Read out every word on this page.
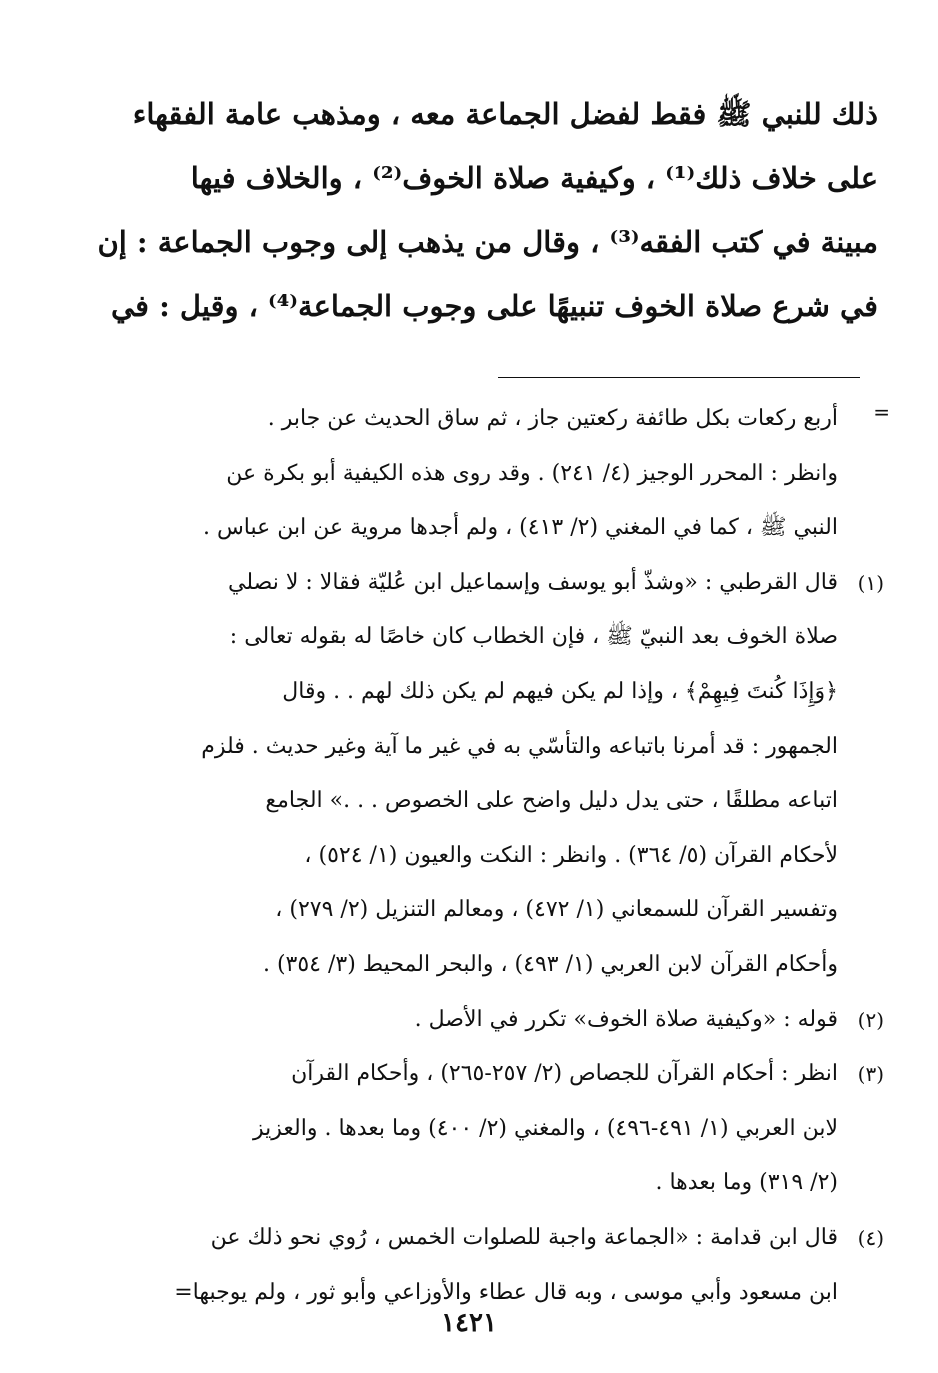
ذلك للنبي ﷺ فقط لفضل الجماعة معه ، ومذهب عامة الفقهاء
على خلاف ذلك⁽¹⁾ ، وكيفية صلاة الخوف⁽²⁾ ، والخلاف فيها
مبينة في كتب الفقه⁽³⁾ ، وقال من يذهب إلى وجوب الجماعة : إن
في شرع صلاة الخوف تنبيهًا على وجوب الجماعة⁽⁴⁾ ، وقيل : في
=
أربع ركعات بكل طائفة ركعتين جاز ، ثم ساق الحديث عن جابر .
وانظر : المحرر الوجيز (٤/ ٢٤١) . وقد روى هذه الكيفية أبو بكرة عن
النبي ﷺ ، كما في المغني (٢/ ٤١٣) ، ولم أجدها مروية عن ابن عباس .
(١)
قال القرطبي : «وشذّ أبو يوسف وإسماعيل ابن عُليّة فقالا : لا نصلي
صلاة الخوف بعد النبيّ ﷺ ، فإن الخطاب كان خاصًا له بقوله تعالى :
﴿وَإِذَا كُنتَ فِيهِمْ﴾ ، وإذا لم يكن فيهم لم يكن ذلك لهم . . وقال
الجمهور : قد أمرنا باتباعه والتأسّي به في غير ما آية وغير حديث . فلزم
اتباعه مطلقًا ، حتى يدل دليل واضح على الخصوص . . .» الجامع
لأحكام القرآن (٥/ ٣٦٤) . وانظر : النكت والعيون (١/ ٥٢٤) ،
وتفسير القرآن للسمعاني (١/ ٤٧٢) ، ومعالم التنزيل (٢/ ٢٧٩) ،
وأحكام القرآن لابن العربي (١/ ٤٩٣) ، والبحر المحيط (٣/ ٣٥٤) .
(٢)
قوله : «وكيفية صلاة الخوف» تكرر في الأصل .
(٣)
انظر : أحكام القرآن للجصاص (٢/ ٢٥٧-٢٦٥) ، وأحكام القرآن
لابن العربي (١/ ٤٩١-٤٩٦) ، والمغني (٢/ ٤٠٠) وما بعدها . والعزيز
(٢/ ٣١٩) وما بعدها .
(٤)
قال ابن قدامة : «الجماعة واجبة للصلوات الخمس ، رُوي نحو ذلك عن
ابن مسعود وأبي موسى ، وبه قال عطاء والأوزاعي وأبو ثور ، ولم يوجبها=
١٤٢١
